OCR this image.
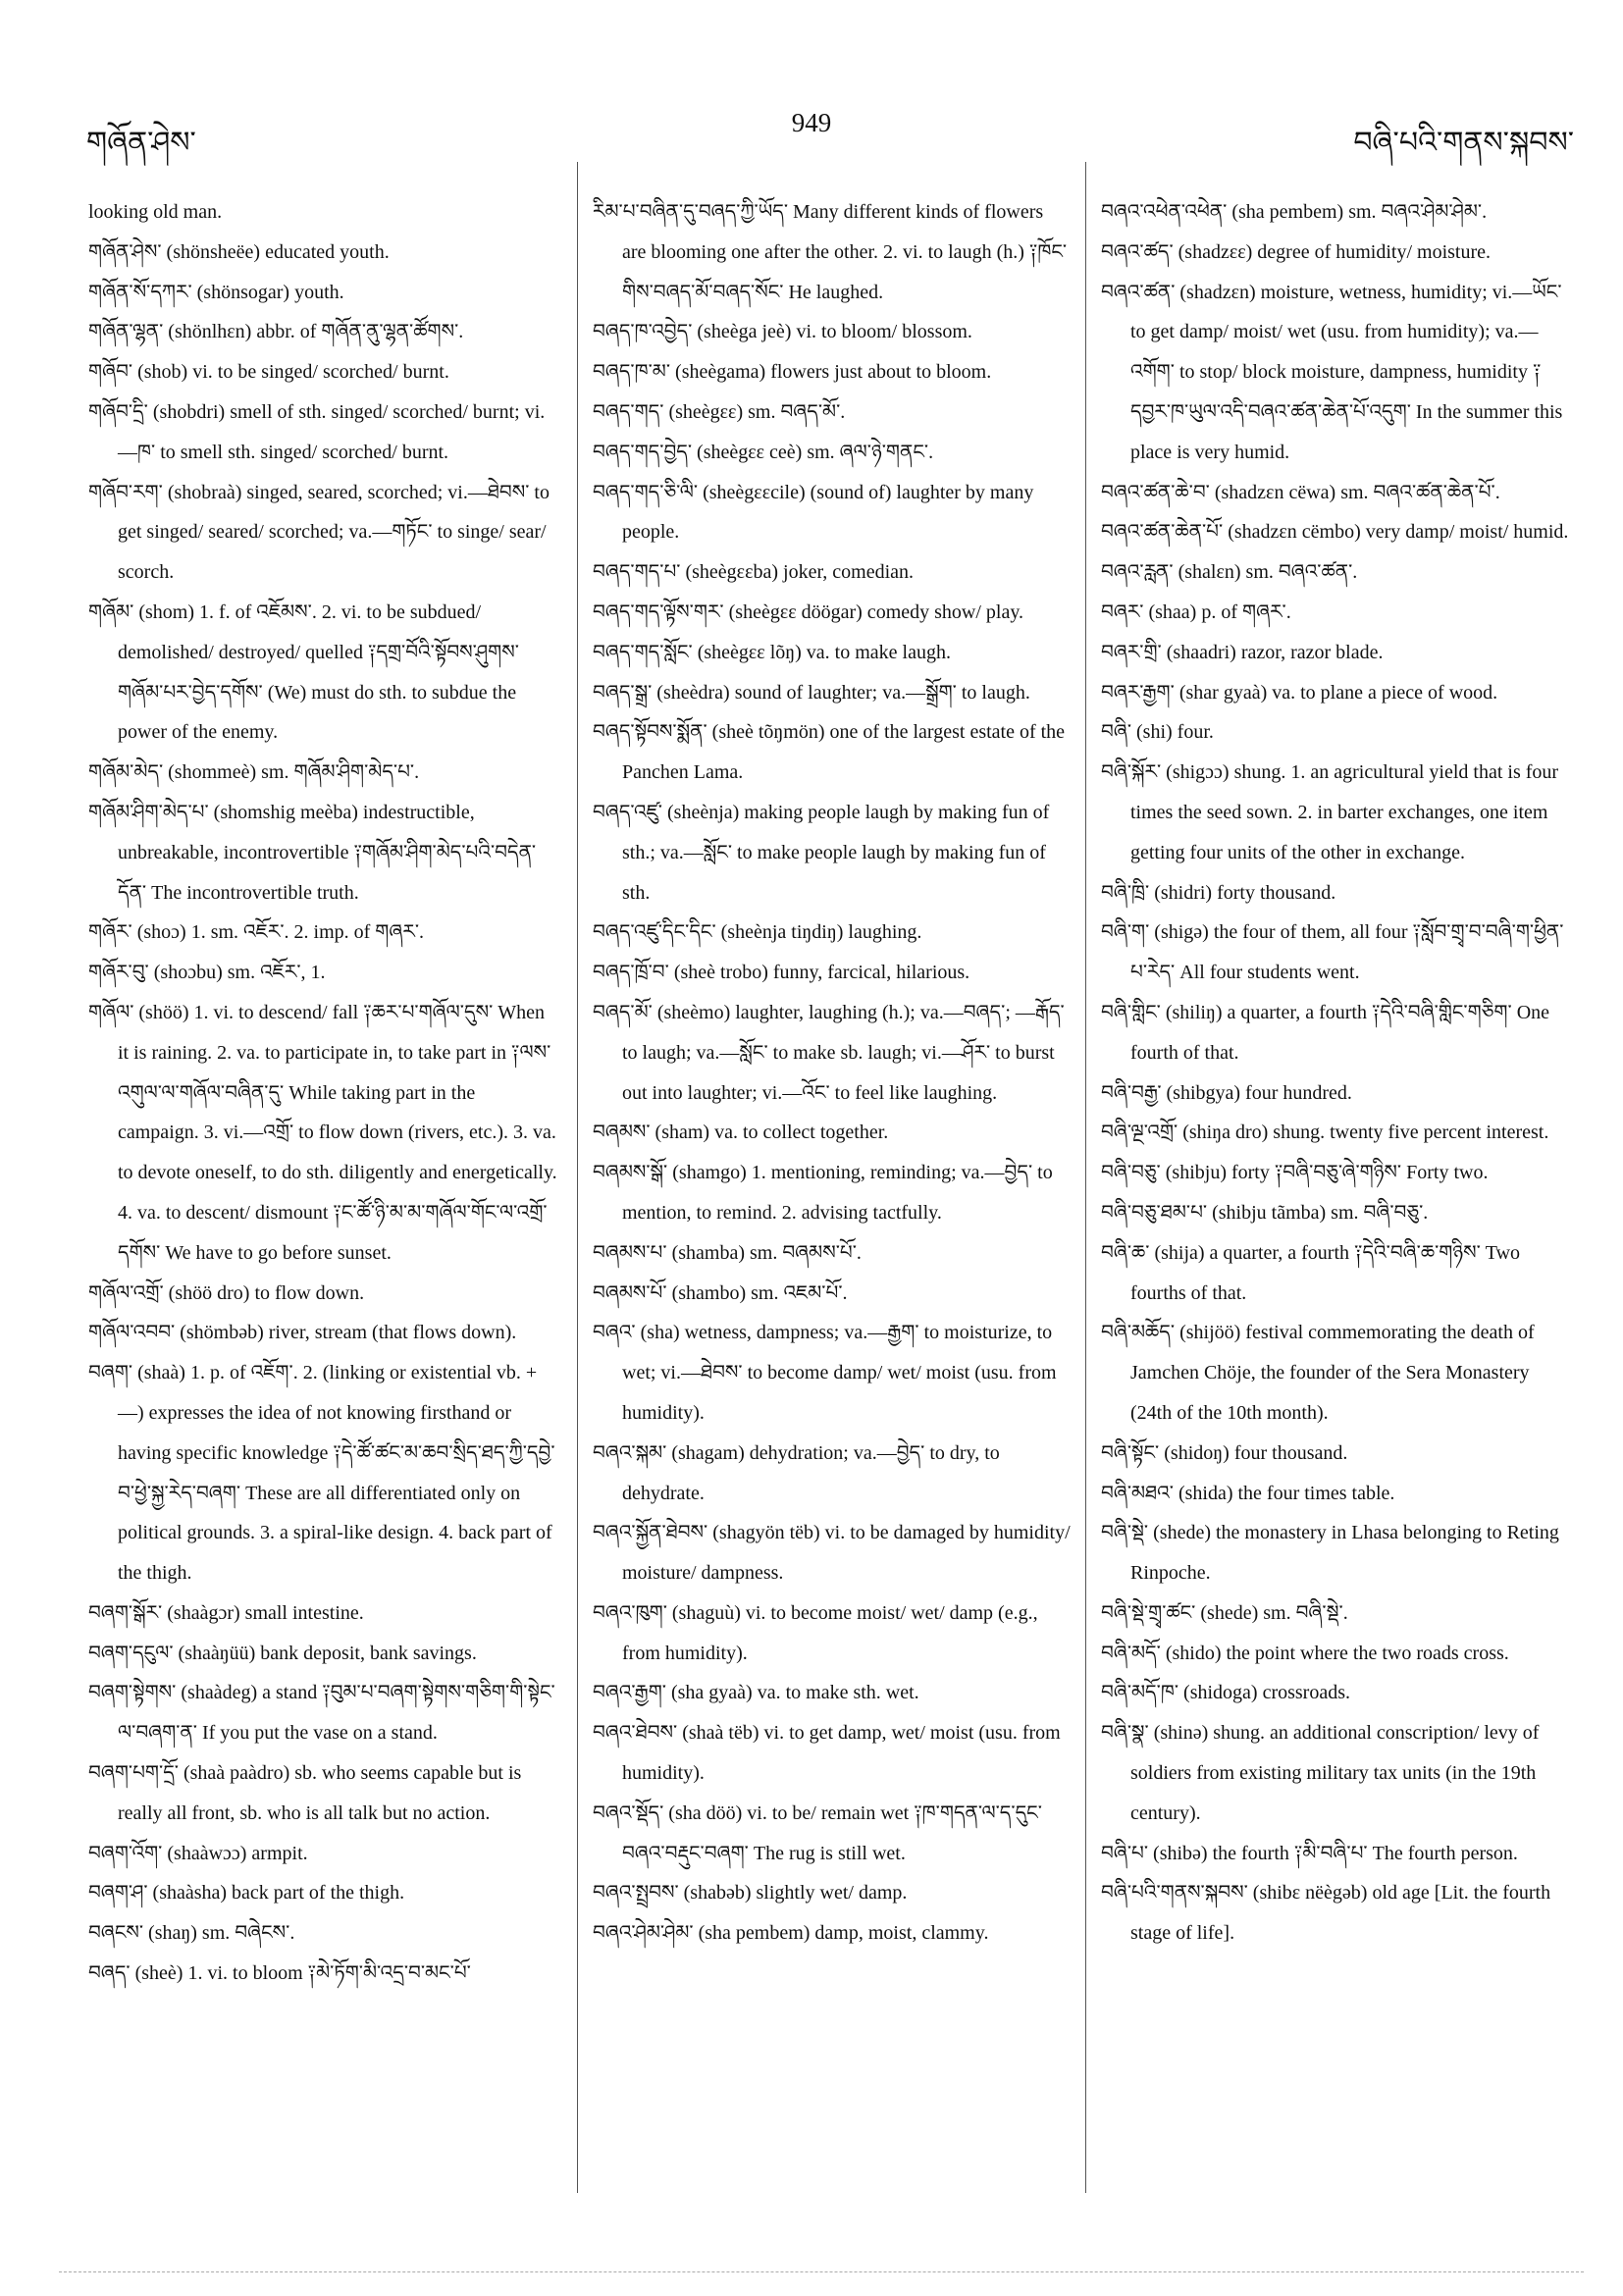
གཞོན་ཤེས་
949
བཞི་པའི་གནས་སྐབས་

looking old man.

གཞོན་ཤེས་ (shönsheëe) educated youth.

གཞོན་སོ་དཀར་ (shönsogar) youth.

གཞོན་ལྷན་ (shönlhɛn) abbr. of གཞོན་ནུ་ལྷན་ཚོགས་.

གཞོབ་ (shob) vi. to be singed/ scorched/ burnt.

གཞོབ་དྲི་ (shobdri) smell of sth. singed/ scorched/ burnt; vi.—ཁ་ to smell sth. singed/ scorched/ burnt.

གཞོབ་རག་ (shobraà) singed, seared, scorched; vi.—ཐེབས་ to get singed/ seared/ scorched; va.—གཏོང་ to singe/ sear/ scorch.

གཞོམ་ (shom) 1. f. of འཇོམས་. 2. vi. to be subdued/ demolished/ destroyed/ quelled ༑དགྲ་བོའི་སྟོབས་ཤུགས་གཞོམ་པར་བྱེད་དགོས་ (We) must do sth. to subdue the power of the enemy.

གཞོམ་མེད་ (shommeè) sm. གཞོམ་ཤིག་མེད་པ་.

གཞོམ་ཤིག་མེད་པ་ (shomshig meèba) indestructible, unbreakable, incontrovertible ༑གཞོམ་ཤིག་མེད་པའི་བདེན་དོན་ The incontrovertible truth.

གཞོར་ (shoɔ) 1. sm. འཇོར་. 2. imp. of གཞར་.

གཞོར་བུ་ (shoɔbu) sm. འཇོར་, 1.

གཞོལ་ (shöö) 1. vi. to descend/ fall ༑ཆར་པ་གཞོལ་དུས་ When it is raining. 2. va. to participate in, to take part in ༑ལས་འགུལ་ལ་གཞོལ་བཞིན་དུ་ While taking part in the campaign. 3. vi.—འགྲོ་ to flow down (rivers, etc.). 3. va. to devote oneself, to do sth. diligently and energetically. 4. va. to descent/ dismount ༑ང་ཚོ་ཉི་མ་མ་གཞོལ་གོང་ལ་འགྲོ་དགོས་ We have to go before sunset.

གཞོལ་འགྲོ་ (shöö dro) to flow down.

གཞོལ་འབབ་ (shömbəb) river, stream (that flows down).

བཞག་ (shaà) 1. p. of འཇོག་. 2. (linking or existential vb. + —) expresses the idea of not knowing firsthand or having specific knowledge ༑དེ་ཚོ་ཚང་མ་ཆབ་སྲིད་ཐད་ཀྱི་དབྱེ་བ་ཕྱེ་སྐྱ་རེད་བཞག་ These are all differentiated only on political grounds. 3. a spiral-like design. 4. back part of the thigh.

བཞག་སྒོར་ (shaàgɔr) small intestine.

བཞག་དངུལ་ (shaàŋüü) bank deposit, bank savings.

བཞག་སྟེགས་ (shaàdeg) a stand ༑བུམ་པ་བཞག་སྟེགས་གཅིག་གི་སྟེང་ལ་བཞག་ན་ If you put the vase on a stand.

བཞག་པག་དྲོ་ (shaà paàdro) sb. who seems capable but is really all front, sb. who is all talk but no action.

བཞག་འོག་ (shaàwɔɔ) armpit.

བཞག་ཤ་ (shaàsha) back part of the thigh.

བཞངས་ (shaŋ) sm. བཞེངས་.

བཞད་ (sheè) 1. vi. to bloom ༑མེ་ཏོག་མི་འདྲ་བ་མང་པོ་

རིམ་པ་བཞིན་དུ་བཞད་ཀྱི་ཡོད་ Many different kinds of flowers are blooming one after the other. 2. vi. to laugh (h.) ༑ཁོང་གིས་བཞད་མོ་བཞད་སོང་ He laughed.

བཞད་ཁ་འབྱེད་ (sheèga jeè) vi. to bloom/ blossom.

བཞད་ཁ་མ་ (sheègama) flowers just about to bloom.

བཞད་གད་ (sheègɛɛ) sm. བཞད་མོ་.

བཞད་གད་བྱེད་ (sheègɛɛ ceè) sm. ཞལ་ཉེ་གནང་.

བཞད་གད་ཅི་ལི་ (sheègɛɛcile) (sound of) laughter by many people.

བཞད་གད་པ་ (sheègɛɛba) joker, comedian.

བཞད་གད་ལྟོས་གར་ (sheègɛɛ döögar) comedy show/ play.

བཞད་གད་སློང་ (sheègɛɛ lõŋ) va. to make laugh.

བཞད་སྒྲ་ (sheèdra) sound of laughter; va.—སྒྲོག་ to laugh.

བཞད་སྟོབས་སྨོན་ (sheè tõŋmön) one of the largest estate of the Panchen Lama.

བཞད་འཛུ་ (sheènja) making people laugh by making fun of sth.; va.—སློང་ to make people laugh by making fun of sth.

བཞད་འཛུ་དིང་དིང་ (sheènja tiŋdiŋ) laughing.

བཞད་ཁྲོ་བ་ (sheè trobo) funny, farcical, hilarious.

བཞད་མོ་ (sheèmo) laughter, laughing (h.); va.—བཞད་; —རྒོད་ to laugh; va.—སློང་ to make sb. laugh; vi.—ཤོར་ to burst out into laughter; vi.—འོང་ to feel like laughing.

བཞམས་ (sham) va. to collect together.

བཞམས་སྒོ་ (shamgo) 1. mentioning, reminding; va.—བྱེད་ to mention, to remind. 2. advising tactfully.

བཞམས་པ་ (shamba) sm. བཞམས་པོ་.

བཞམས་པོ་ (shambo) sm. འཇམ་པོ་.

བཞའ་ (sha) wetness, dampness; va.—རྒྱག་ to moisturize, to wet; vi.—ཐེབས་ to become damp/ wet/ moist (usu. from humidity).

བཞའ་སྐམ་ (shagam) dehydration; va.—བྱེད་ to dry, to dehydrate.

བཞའ་སྐྱོན་ཐེབས་ (shagyön tëb) vi. to be damaged by humidity/ moisture/ dampness.

བཞའ་ཁུག་ (shaguù) vi. to become moist/ wet/ damp (e.g., from humidity).

བཞའ་རྒྱག་ (sha gyaà) va. to make sth. wet.

བཞའ་ཐེབས་ (shaà tëb) vi. to get damp, wet/ moist (usu. from humidity).

བཞའ་སྡོད་ (sha döö) vi. to be/ remain wet ༑ཁ་གདན་ལ་ད་དུང་བཞའ་བརྡུང་བཞག་ The rug is still wet.

བཞའ་སྤྲབས་ (shabəb) slightly wet/ damp.

བཞའ་ཤེམ་ཤེམ་ (sha pembem) damp, moist, clammy.

བཞའ་འཕེན་འཕེན་ (sha pembem) sm. བཞའ་ཤེམ་ཤེམ་.

བཞའ་ཚད་ (shadzɛɛ) degree of humidity/ moisture.

བཞའ་ཚན་ (shadzɛn) moisture, wetness, humidity; vi.—ཡོང་ to get damp/ moist/ wet (usu. from humidity); va.—འགོག་ to stop/ block moisture, dampness, humidity ༑དབྱར་ཁ་ཡུལ་འདི་བཞའ་ཚན་ཆེན་པོ་འདུག་ In the summer this place is very humid.

བཞའ་ཚན་ཆེ་བ་ (shadzɛn cëwa) sm. བཞའ་ཚན་ཆེན་པོ་.

བཞའ་ཚན་ཆེན་པོ་ (shadzɛn cëmbo) very damp/ moist/ humid.

བཞའ་རླན་ (shalɛn) sm. བཞའ་ཚན་.

བཞར་ (shaa) p. of གཞར་.

བཞར་གྲི་ (shaadri) razor, razor blade.

བཞར་རྒྱག་ (shar gyaà) va. to plane a piece of wood.

བཞི་ (shi) four.

བཞི་སྐོར་ (shigɔɔ) shung. 1. an agricultural yield that is four times the seed sown. 2. in barter exchanges, one item getting four units of the other in exchange.

བཞི་ཁྲི་ (shidri) forty thousand.

བཞི་ག་ (shigə) the four of them, all four ༑སློབ་གྲྭ་བ་བཞི་ག་ཕྱིན་པ་རེད་ All four students went.

བཞི་གླིང་ (shiliŋ) a quarter, a fourth ༑དེའི་བཞི་གླིང་གཅིག་ One fourth of that.

བཞི་བརྒྱ་ (shibgya) four hundred.

བཞི་ལྔ་འགྲོ་ (shiŋa dro) shung. twenty five percent interest.

བཞི་བཅུ་ (shibju) forty ༑བཞི་བཅུ་ཞེ་གཉིས་ Forty two.

བཞི་བཅུ་ཐམ་པ་ (shibju tãmba) sm. བཞི་བཅུ་.

བཞི་ཆ་ (shija) a quarter, a fourth ༑དེའི་བཞི་ཆ་གཉིས་ Two fourths of that.

བཞི་མཆོད་ (shijöö) festival commemorating the death of Jamchen Chöje, the founder of the Sera Monastery (24th of the 10th month).

བཞི་སྟོང་ (shidoŋ) four thousand.

བཞི་མཐའ་ (shida) the four times table.

བཞི་སྡེ་ (shede) the monastery in Lhasa belonging to Reting Rinpoche.

བཞི་སྡེ་གྲྭ་ཚང་ (shede) sm. བཞི་སྡེ་.

བཞི་མདོ་ (shido) the point where the two roads cross.

བཞི་མདོ་ཁ་ (shidoga) crossroads.

བཞི་སྣ་ (shinə) shung. an additional conscription/ levy of soldiers from existing military tax units (in the 19th century).

བཞི་པ་ (shibə) the fourth ༑མི་བཞི་པ་ The fourth person.

བཞི་པའི་གནས་སྐབས་ (shibɛ nëègəb) old age [Lit. the fourth stage of life].
